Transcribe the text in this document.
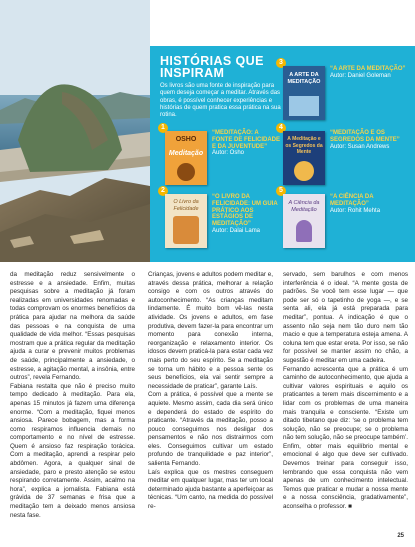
HISTÓRIAS QUE INSPIRAM
Os livros são uma fonte de inspiração para quem deseja começar a meditar. Através das obras, é possível conhecer experiências e histórias de quem pratica essa prática na sua rotina.
1
OSHO
Meditação
“MEDITAÇÃO: A FONTE DE FELICIDADE E DA JUVENTUDE”
Autor: Osho
2
O Livro da Felicidade
“O LIVRO DA FELICIDADE: UM GUIA PRÁTICO AOS ESTÁGIOS DE MEDITAÇÃO”
Autor: Dalai Lama
3
A ARTE DA MEDITAÇÃO
“A ARTE DA MEDITAÇÃO”
Autor: Daniel Goleman
4
A Meditação e os Segredos da Mente
“MEDITAÇÃO E OS SEGREDOS DA MENTE”
Autor: Susan Andrews
5
A Ciência da Meditação
“A CIÊNCIA DA MEDITAÇÃO”
Autor: Rohit Mehta
da meditação reduz sensivelmente o estresse e a ansiedade. Enfim, muitas pesquisas sobre a meditação já foram realizadas em universidades renomadas e todas comprovam os enormes benefícios da prática para ajudar na melhora da saúde das pessoas e na conquista de uma qualidade de vida melhor. “Essas pesquisas mostram que a prática regular da meditação ajuda a curar e prevenir muitos problemas de saúde, principalmente a ansiedade, o estresse, a agitação mental, a insônia, entre outros”, revela Fernando.
Fabiana restalta que não é preciso muito tempo dedicado à meditação. Para ela, apenas 15 minutos já fazem uma diferença enorme. “Com a meditação, fiquei menos ansiosa. Parece bobagem, mas a forma como respiramos influencia demais no comportamento e no nível de estresse. Quem é ansioso faz respiração torácica. Com a meditação, aprendi a respirar pelo abdômen. Agora, a qualquer sinal de ansiedade, paro e presto atenção se estou respirando corretamente. Assim, acalmo na hora”, explica a jornalista. Fabiana está grávida de 37 semanas e frisa que a meditação tem a deixado menos ansiosa nesta fase.
Crianças, jovens e adultos podem meditar e, através dessa prática, melhorar a relação consigo e com os outros através do autoconhecimento. “As crianças meditam lindamente. É muito bom vê-las nesta atividade. Os jovens e adultos, em fase produtiva, devem fazer-la para encontrar um momento para conexão interna, reorganização e relaxamento interior. Os idosos devem praticá-la para estar cada vez mais perto do seu espírito. Se a meditação se torna um hábito e a pessoa sente os seus benefícios, ela vai sentir sempre a necessidade de praticar”, garante Laís.
Com a prática, é possível que a mente se aquiete. Mesmo assim, cada dia será único e dependerá do estado de espírito do praticante. “Através da meditação, posso a pouco conseguimos nos desligar dos pensamentos e não nos distrairmos com eles. Conseguimos cultivar um estado profundo de tranquilidade e paz interior”, salienta Fernando.
Laís explica que os mestres conseguem meditar em qualquer lugar, mas ter um local determinado ajuda bastante a aperfeiçoar as técnicas. “Um canto, na medida do possível re-
servado, sem barulhos e com menos interferência é o ideal. “A mente gosta de padrões. Se você tem esse lugar — que pode ser só o tapetinho de yoga —, e se senta ali, ela já está preparada para meditar”, pontua. A indicação é que o assento não seja nem tão duro nem tão macio e que a temperatura esteja amena. A coluna tem que estar ereta. Por isso, se não for possível se manter assim no chão, a sugestão é meditar em uma cadeira.
Fernando acrescenta que a prática é um caminho de autoconhecimento, que ajuda a cultivar valores espirituais e aquilo os praticantes a terem mais discernimento e a lidar com os problemas de uma maneira mais tranquila e consciente. “Existe um ditado tibetano que diz: ‘se o problema tem solução, não se preocupe; se o problema não tem solução, não se preocupe também’. Enfim, obter mais equilíbrio mental e emocional é algo que deve ser cultivado. Devemos treinar para conseguir isso, lembrando que essa conquista não vem apenas de um conhecimento intelectual. Temos que praticar e mudar a nossa mente e a nossa consciência, gradativamente”, aconselha o professor. ■
25
